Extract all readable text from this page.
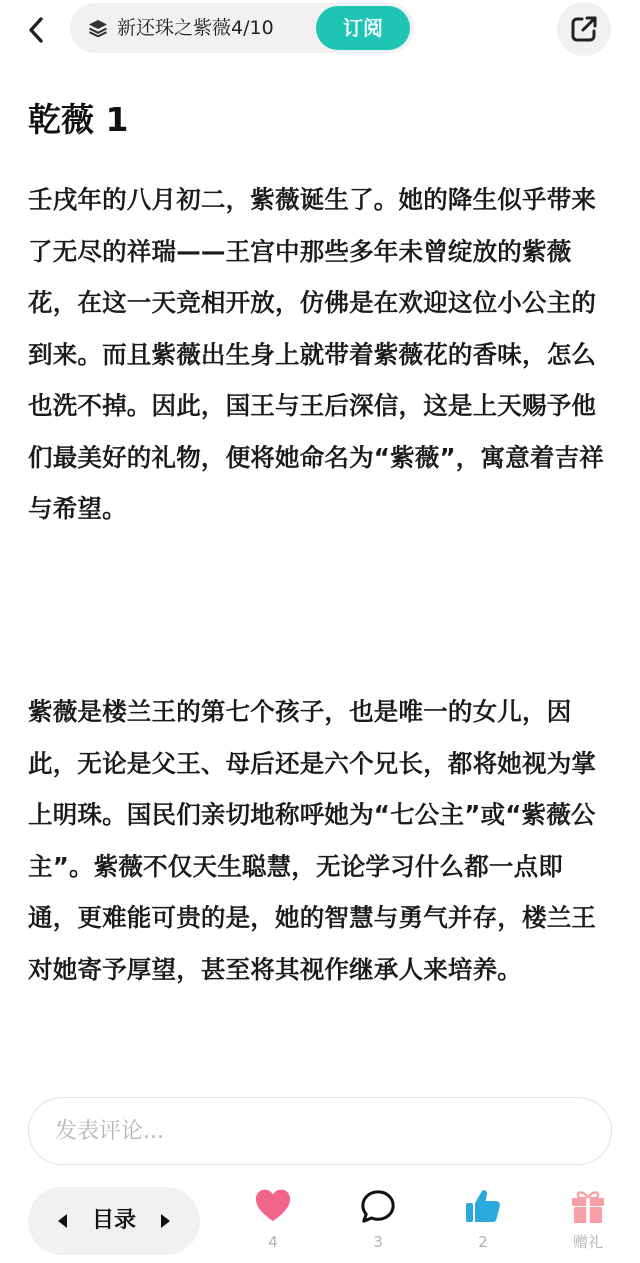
新还珠之紫薇4/10	订阅
乾薇 1

壬戌年的八月初二，紫薇诞生了。她的降生似乎带来了无尽的祥瑞——王宫中那些多年未曾绽放的紫薇花，在这一天竞相开放，仿佛是在欢迎这位小公主的到来。而且紫薇出生身上就带着紫薇花的香味，怎么也洗不掉。因此，国王与王后深信，这是上天赐予他们最美好的礼物，便将她命名为“紫薇”，寓意着吉祥与希望。

紫薇是楼兰王的第七个孩子，也是唯一的女儿，因此，无论是父王、母后还是六个兄长，都将她视为掌上明珠。国民们亲切地称呼她为“七公主”或“紫薇公主”。紫薇不仅天生聪慧，无论学习什么都一点即通，更难能可贵的是，她的智慧与勇气并存，楼兰王对她寄予厚望，甚至将其视作继承人来培养。

发表评论...
目录
4	3	2	赠礼
